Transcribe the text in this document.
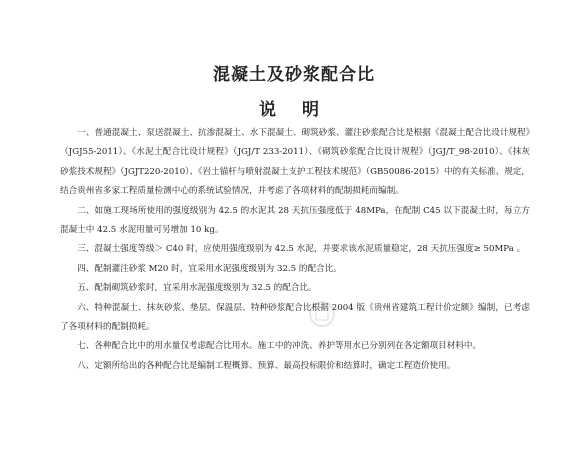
混凝土及砂浆配合比
说 明

一、普通混凝土、泵送混凝土、抗渗混凝土、水下混凝土、砌筑砂浆、灌注砂浆配合比是根据《混凝土配合比设计规程》（JGJ55-2011）、《水泥土配合比设计规程》（JGJ/T 233-2011）、《砌筑砂浆配合比设计规程》（JGJ/T_98-2010）、《抹灰砂浆技术规程》（JGJT220-2010）、《岩土锚杆与喷射混凝土支护工程技术规范》（GB50086-2015）中的有关标准、规定，结合贵州省多家工程质量检测中心的系统试验情况，并考虑了各项材料的配制损耗而编制。

二、如施工现场所使用的强度级别为 42.5 的水泥其 28 天抗压强度低于 48MPa，在配制 C45 以下混凝土时，每立方混凝土中 42.5 水泥用量可另增加 10 kg。

三、混凝土强度等级＞ C40 时，应使用强度级别为 42.5 水泥，并要求该水泥质量稳定，28 天抗压强度≥ 50MPa 。

四、配制灌注砂浆 M20 时，宜采用水泥强度级别为 32.5 的配合比。

五、配制砌筑砂浆时，宜采用水泥强度级别为 32.5 的配合比。

六、特种混凝土、抹灰砂浆、垫层、保温层、特种砂浆配合比根据 2004 版《贵州省建筑工程计价定额》编制，已考虑了各项材料的配制损耗。

七、各种配合比中的用水量仅考虑配合比用水。施工中的冲洗、养护等用水已分别列在各定额项目材料中。

八、定额所给出的各种配合比是编制工程概算、预算、最高投标限价和结算时，确定工程造价使用。
